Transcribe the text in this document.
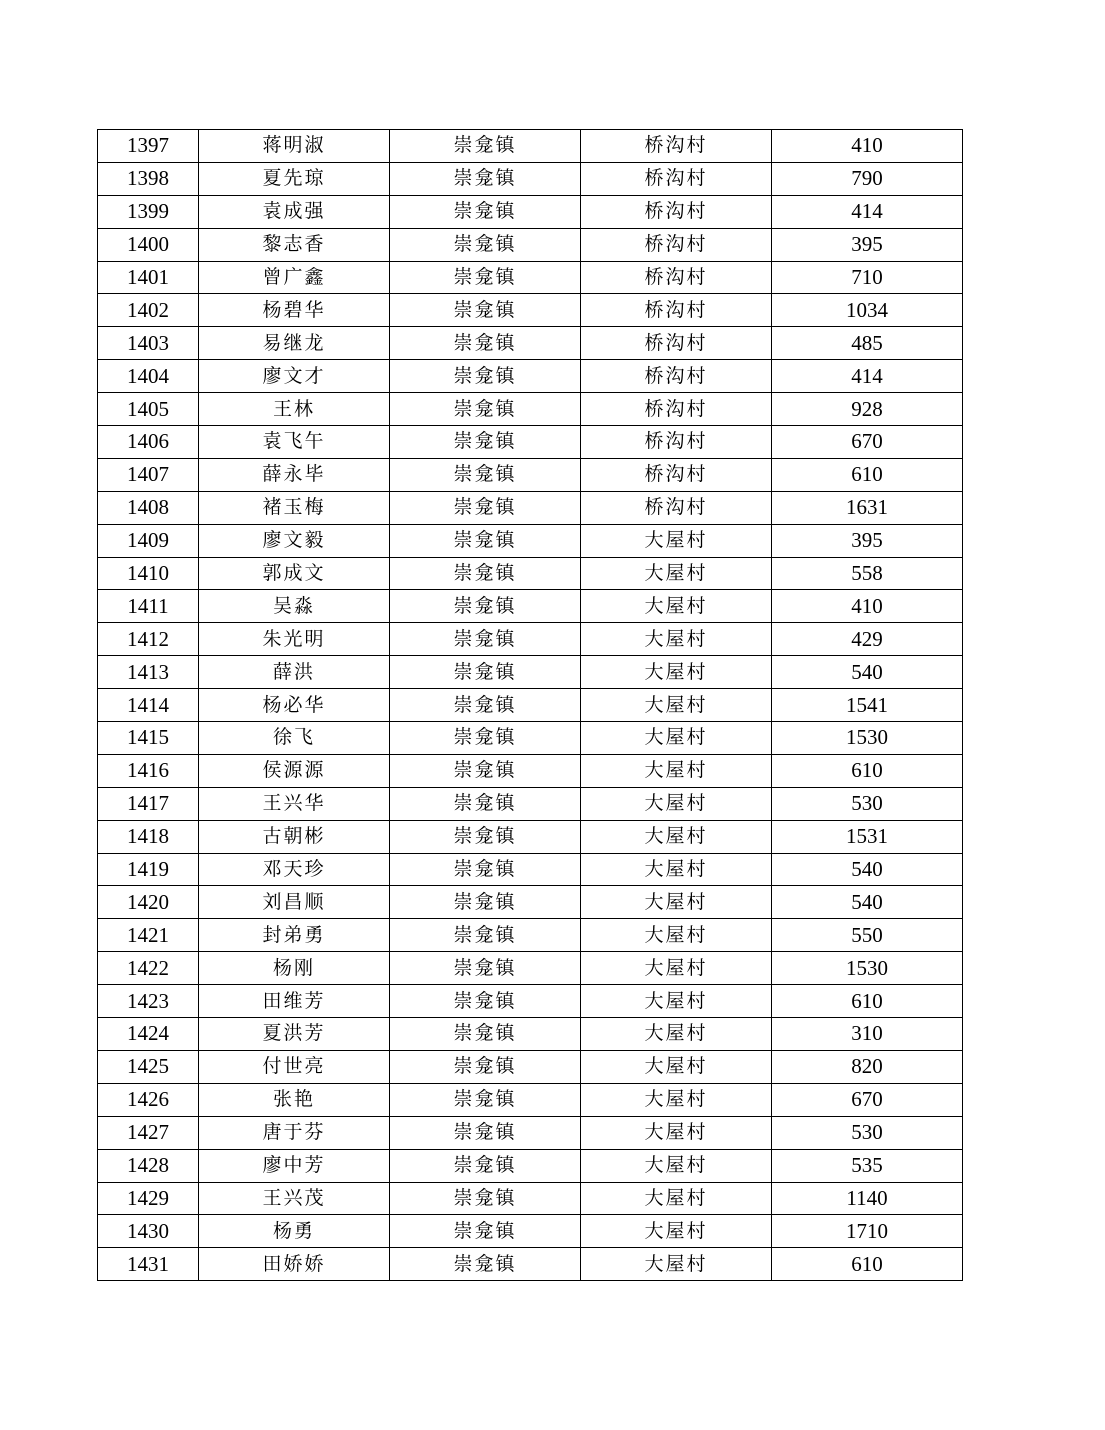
1397	蒋明淑	崇龛镇	桥沟村	410
1398	夏先琼	崇龛镇	桥沟村	790
1399	袁成强	崇龛镇	桥沟村	414
1400	黎志香	崇龛镇	桥沟村	395
1401	曾广鑫	崇龛镇	桥沟村	710
1402	杨碧华	崇龛镇	桥沟村	1034
1403	易继龙	崇龛镇	桥沟村	485
1404	廖文才	崇龛镇	桥沟村	414
1405	王林	崇龛镇	桥沟村	928
1406	袁飞午	崇龛镇	桥沟村	670
1407	薛永毕	崇龛镇	桥沟村	610
1408	褚玉梅	崇龛镇	桥沟村	1631
1409	廖文毅	崇龛镇	大屋村	395
1410	郭成文	崇龛镇	大屋村	558
1411	吴淼	崇龛镇	大屋村	410
1412	朱光明	崇龛镇	大屋村	429
1413	薛洪	崇龛镇	大屋村	540
1414	杨必华	崇龛镇	大屋村	1541
1415	徐飞	崇龛镇	大屋村	1530
1416	侯源源	崇龛镇	大屋村	610
1417	王兴华	崇龛镇	大屋村	530
1418	古朝彬	崇龛镇	大屋村	1531
1419	邓天珍	崇龛镇	大屋村	540
1420	刘昌顺	崇龛镇	大屋村	540
1421	封弟勇	崇龛镇	大屋村	550
1422	杨刚	崇龛镇	大屋村	1530
1423	田维芳	崇龛镇	大屋村	610
1424	夏洪芳	崇龛镇	大屋村	310
1425	付世亮	崇龛镇	大屋村	820
1426	张艳	崇龛镇	大屋村	670
1427	唐于芬	崇龛镇	大屋村	530
1428	廖中芳	崇龛镇	大屋村	535
1429	王兴茂	崇龛镇	大屋村	1140
1430	杨勇	崇龛镇	大屋村	1710
1431	田娇娇	崇龛镇	大屋村	610
